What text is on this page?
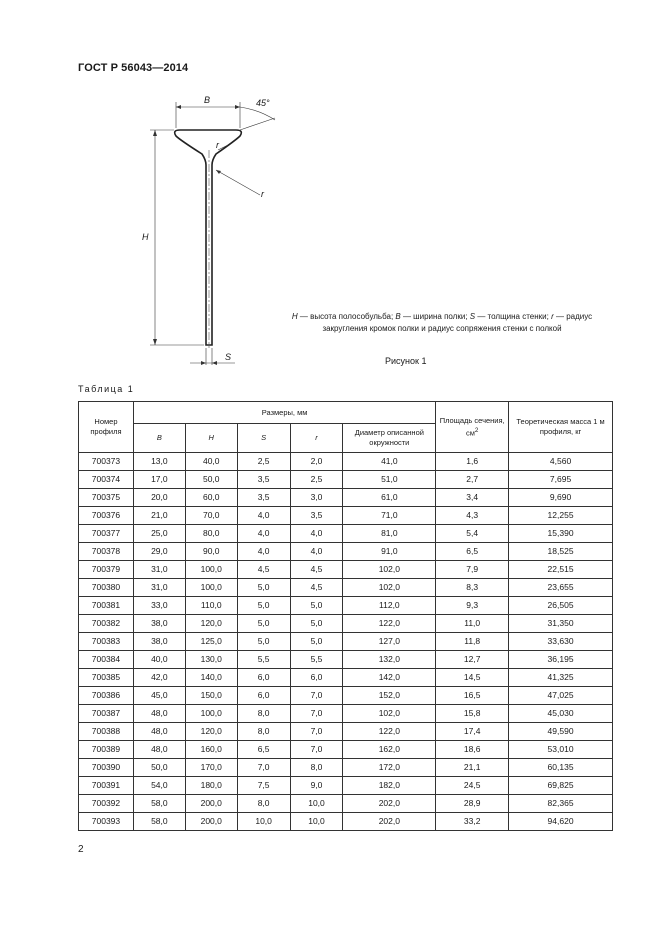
ГОСТ Р 56043—2014
B	45°
H
r
r
S
H — высота полособульба; B — ширина полки; S — толщина стенки; r — радиус закругления кромок полки и радиус сопряжения стенки с полкой
Рисунок 1
Таблица 1
Номер профиля	Размеры, мм					Площадь сечения, $см^2$	Теоретическая масса 1 м профиля, кг
	B	H	S	r	Диаметр описанной окружности		
700373	13,0	40,0	2,5	2,0	41,0	1,6	4,560
700374	17,0	50,0	3,5	2,5	51,0	2,7	7,695
700375	20,0	60,0	3,5	3,0	61,0	3,4	9,690
700376	21,0	70,0	4,0	3,5	71,0	4,3	12,255
700377	25,0	80,0	4,0	4,0	81,0	5,4	15,390
700378	29,0	90,0	4,0	4,0	91,0	6,5	18,525
700379	31,0	100,0	4,5	4,5	102,0	7,9	22,515
700380	31,0	100,0	5,0	4,5	102,0	8,3	23,655
700381	33,0	110,0	5,0	5,0	112,0	9,3	26,505
700382	38,0	120,0	5,0	5,0	122,0	11,0	31,350
700383	38,0	125,0	5,0	5,0	127,0	11,8	33,630
700384	40,0	130,0	5,5	5,5	132,0	12,7	36,195
700385	42,0	140,0	6,0	6,0	142,0	14,5	41,325
700386	45,0	150,0	6,0	7,0	152,0	16,5	47,025
700387	48,0	100,0	8,0	7,0	102,0	15,8	45,030
700388	48,0	120,0	8,0	7,0	122,0	17,4	49,590
700389	48,0	160,0	6,5	7,0	162,0	18,6	53,010
700390	50,0	170,0	7,0	8,0	172,0	21,1	60,135
700391	54,0	180,0	7,5	9,0	182,0	24,5	69,825
700392	58,0	200,0	8,0	10,0	202,0	28,9	82,365
700393	58,0	200,0	10,0	10,0	202,0	33,2	94,620
2
